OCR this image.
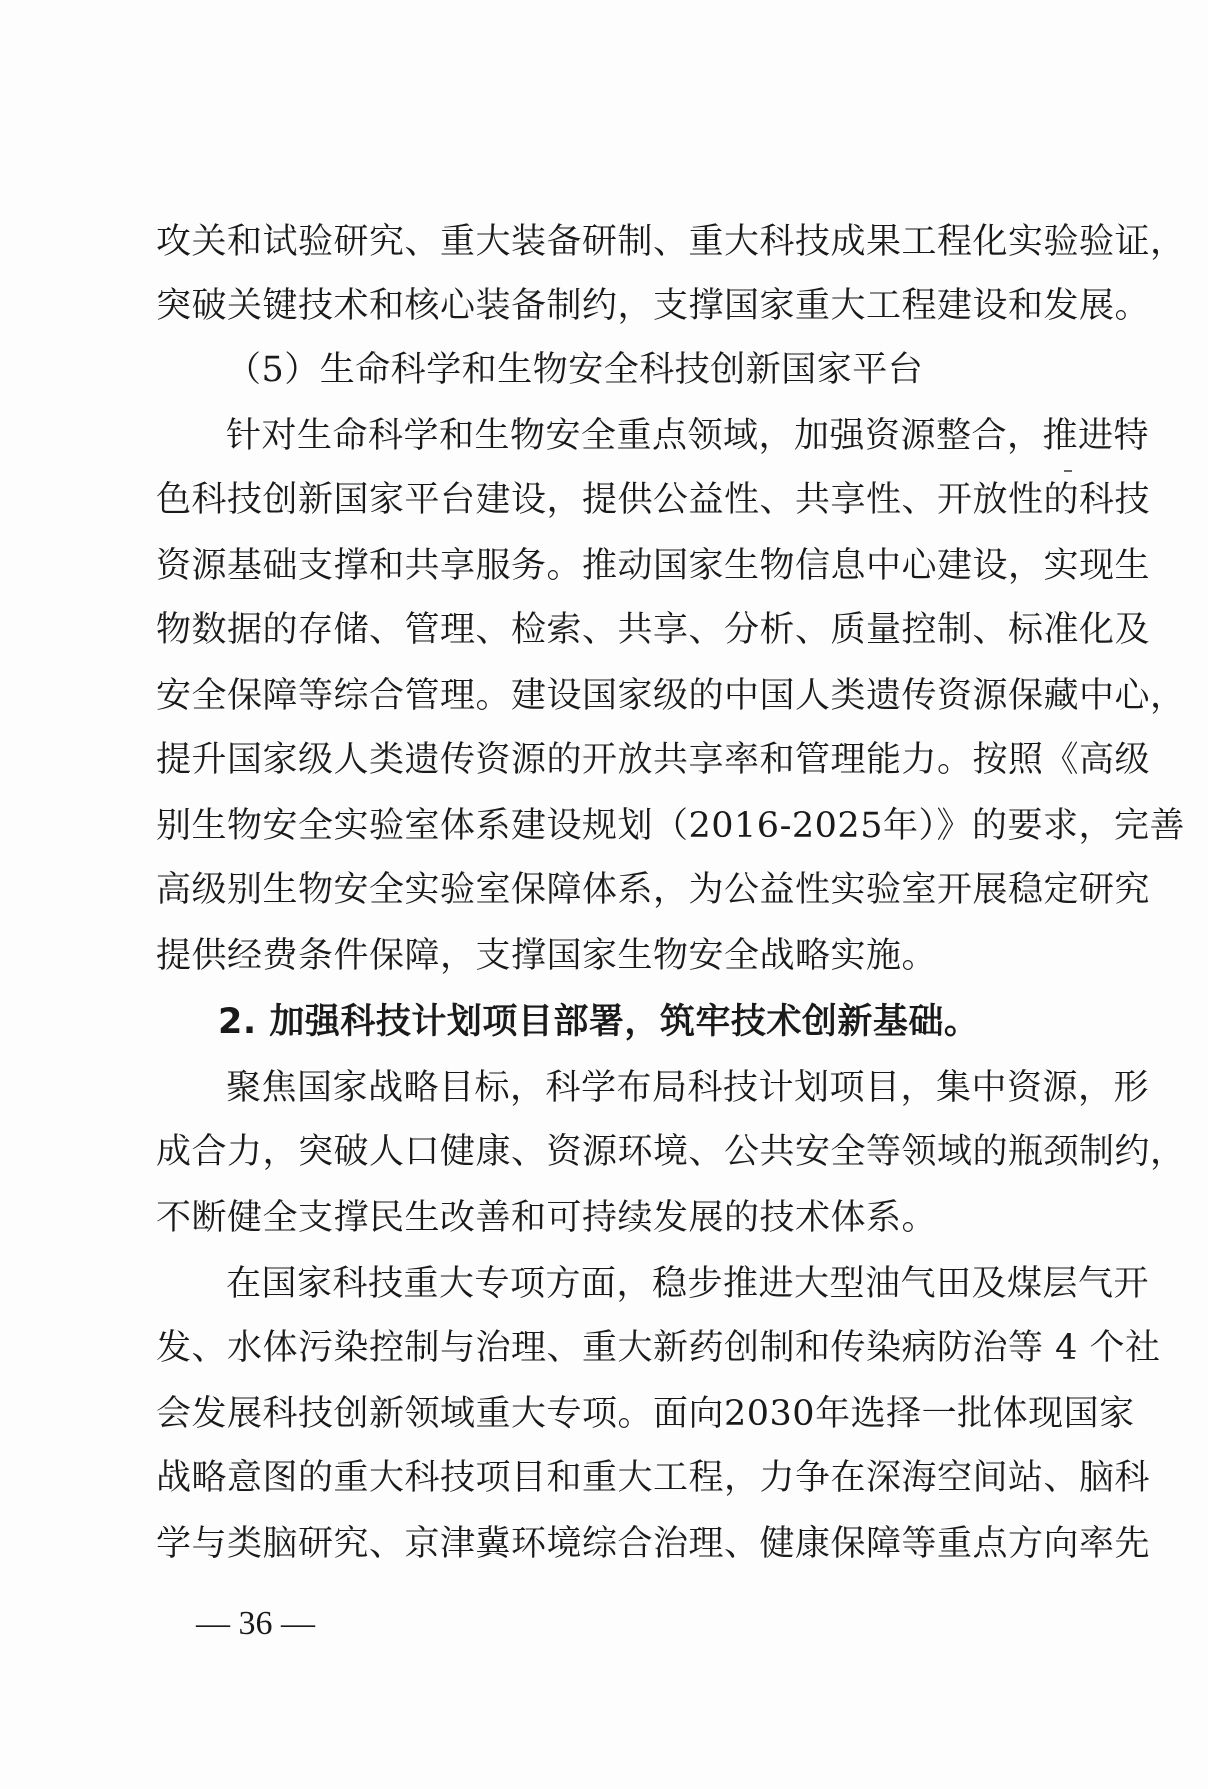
攻关和试验研究、重大装备研制、重大科技成果工程化实验验证，
突破关键技术和核心装备制约，支撑国家重大工程建设和发展。
（5）生命科学和生物安全科技创新国家平台
针对生命科学和生物安全重点领域，加强资源整合，推进特
色科技创新国家平台建设，提供公益性、共享性、开放性的科技
资源基础支撑和共享服务。推动国家生物信息中心建设，实现生
物数据的存储、管理、检索、共享、分析、质量控制、标准化及
安全保障等综合管理。建设国家级的中国人类遗传资源保藏中心，
提升国家级人类遗传资源的开放共享率和管理能力。按照《高级
别生物安全实验室体系建设规划（2016-2025年）》的要求，完善
高级别生物安全实验室保障体系，为公益性实验室开展稳定研究
提供经费条件保障，支撑国家生物安全战略实施。
2. 加强科技计划项目部署，筑牢技术创新基础。
聚焦国家战略目标，科学布局科技计划项目，集中资源，形
成合力，突破人口健康、资源环境、公共安全等领域的瓶颈制约，
不断健全支撑民生改善和可持续发展的技术体系。
在国家科技重大专项方面，稳步推进大型油气田及煤层气开
发、水体污染控制与治理、重大新药创制和传染病防治等 4 个社
会发展科技创新领域重大专项。面向2030年选择一批体现国家
战略意图的重大科技项目和重大工程，力争在深海空间站、脑科
学与类脑研究、京津冀环境综合治理、健康保障等重点方向率先
— 36 —
